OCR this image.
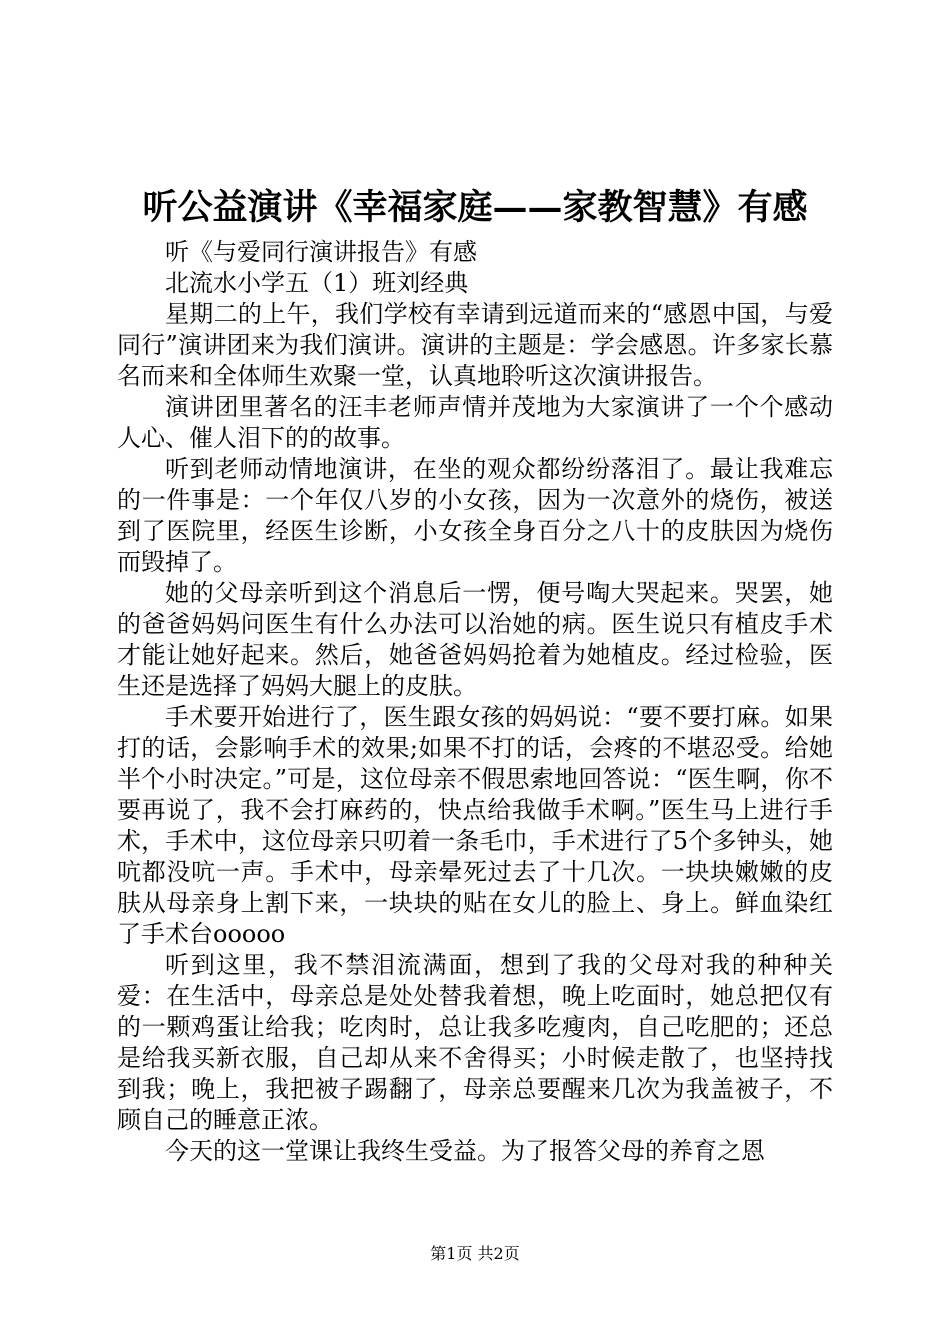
听公益演讲《幸福家庭——家教智慧》有感

听《与爱同行演讲报告》有感

北流水小学五（1）班刘经典

星期二的上午，我们学校有幸请到远道而来的“感恩中国，与爱同行”演讲团来为我们演讲。演讲的主题是：学会感恩。许多家长慕名而来和全体师生欢聚一堂，认真地聆听这次演讲报告。

演讲团里著名的汪丰老师声情并茂地为大家演讲了一个个感动人心、催人泪下的的故事。

听到老师动情地演讲，在坐的观众都纷纷落泪了。最让我难忘的一件事是：一个年仅八岁的小女孩，因为一次意外的烧伤，被送到了医院里，经医生诊断，小女孩全身百分之八十的皮肤因为烧伤而毁掉了。

她的父母亲听到这个消息后一愣，便号啕大哭起来。哭罢，她的爸爸妈妈问医生有什么办法可以治她的病。医生说只有植皮手术才能让她好起来。然后，她爸爸妈妈抢着为她植皮。经过检验，医生还是选择了妈妈大腿上的皮肤。

手术要开始进行了，医生跟女孩的妈妈说：“要不要打麻。如果打的话，会影响手术的效果;如果不打的话，会疼的不堪忍受。给她半个小时决定。”可是，这位母亲不假思索地回答说：“医生啊，你不要再说了，我不会打麻药的，快点给我做手术啊。”医生马上进行手术，手术中，这位母亲只叨着一条毛巾，手术进行了5个多钟头，她吭都没吭一声。手术中，母亲晕死过去了十几次。一块块嫩嫩的皮肤从母亲身上割下来，一块块的贴在女儿的脸上、身上。鲜血染红了手术台ooooo

听到这里，我不禁泪流满面，想到了我的父母对我的种种关爱：在生活中，母亲总是处处替我着想，晚上吃面时，她总把仅有的一颗鸡蛋让给我；吃肉时，总让我多吃瘦肉，自己吃肥的；还总是给我买新衣服，自己却从来不舍得买；小时候走散了，也坚持找到我；晚上，我把被子踢翻了，母亲总要醒来几次为我盖被子，不顾自己的睡意正浓。

今天的这一堂课让我终生受益。为了报答父母的养育之恩

第1页 共2页
